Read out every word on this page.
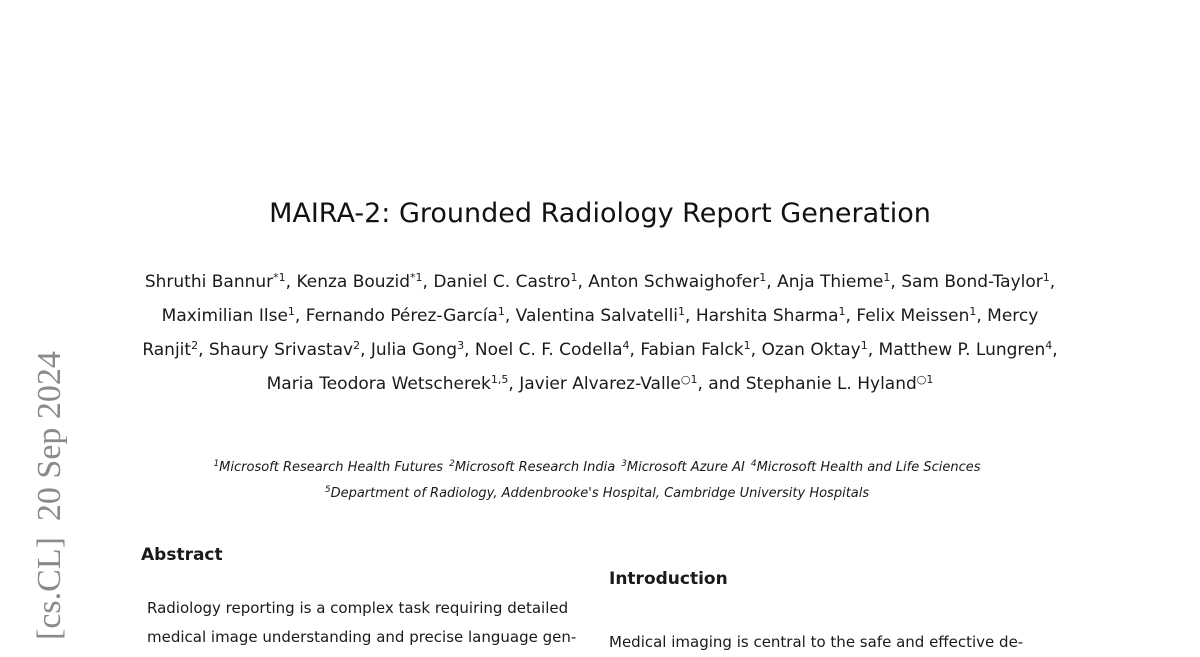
[cs.CL]20 Sep 2024
MAIRA-2: Grounded Radiology Report Generation
Shruthi Bannur$^{*1}$, Kenza Bouzid$^{*1}$, Daniel C. Castro$^1$, Anton Schwaighofer$^1$, Anja Thieme$^1$, Sam Bond-Taylor$^1$, Maximilian Ilse$^1$, Fernando Pérez-García$^1$, Valentina Salvatelli$^1$, Harshita Sharma$^1$, Felix Meissen$^1$, Mercy Ranjit$^2$, Shaury Srivastav$^2$, Julia Gong$^3$, Noel C. F. Codella$^4$, Fabian Falck$^1$, Ozan Oktay$^1$, Matthew P. Lungren$^4$, Maria Teodora Wetscherek$^{1,5}$, Javier Alvarez-Valle$^{○1}$, and Stephanie L. Hyland$^{○1}$
$^1$Microsoft Research Health Futures $^2$Microsoft Research India $^3$Microsoft Azure AI $^4$Microsoft Health and Life Sciences
$^5$Department of Radiology, Addenbrooke's Hospital, Cambridge University Hospitals
Abstract
Radiology reporting is a complex task requiring detailed
medical image understanding and precise language gen-
Introduction
Medical imaging is central to the safe and effective de-
